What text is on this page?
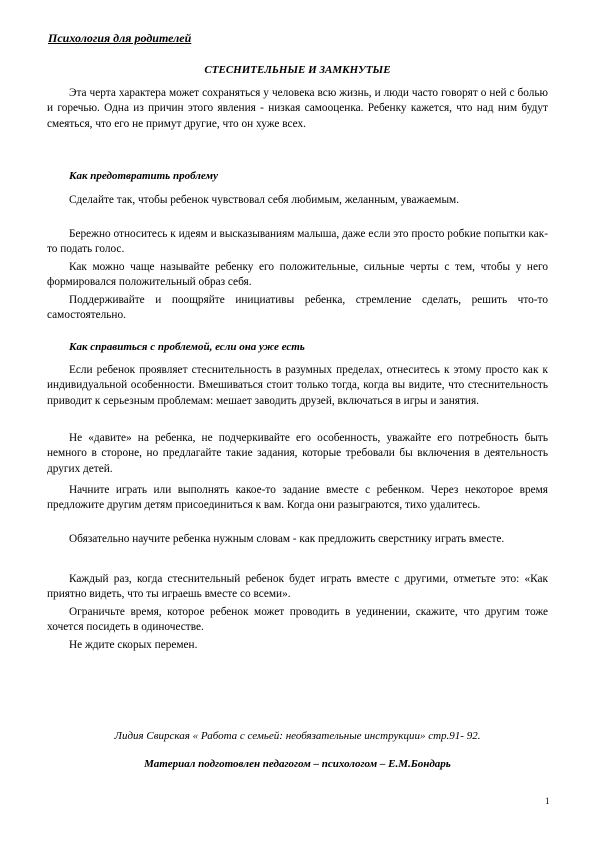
Психология для родителей
СТЕСНИТЕЛЬНЫЕ И ЗАМКНУТЫЕ
Эта черта характера может сохраняться у человека всю жизнь, и люди часто говорят о ней с болью и горечью. Одна из причин этого явления - низкая самооценка. Ребенку кажется, что над ним будут смеяться, что его не примут другие, что он хуже всех.
Как предотвратить проблему
Сделайте так, чтобы ребенок чувствовал себя любимым, желанным, уважаемым.
Бережно относитесь к идеям и высказываниям малыша, даже если это просто робкие попытки как-то подать голос.
Как можно чаще называйте ребенку его положительные, сильные черты с тем, чтобы у него формировался положительный образ себя.
Поддерживайте и поощряйте инициативы ребенка, стремление сделать, решить что-то самостоятельно.
Как справиться с проблемой, если она уже есть
Если ребенок проявляет стеснительность в разумных пределах, отнеситесь к этому просто как к индивидуальной особенности. Вмешиваться стоит только тогда, когда вы видите, что стеснительность приводит к серьезным проблемам: мешает заводить друзей, включаться в игры и занятия.
Не «давите» на ребенка, не подчеркивайте его особенность, уважайте его потребность быть немного в стороне, но предлагайте такие задания, которые требовали бы включения в деятельность других детей.
Начните играть или выполнять какое-то задание вместе с ребенком. Через некоторое время предложите другим детям присоединиться к вам. Когда они разыграются, тихо удалитесь.
Обязательно научите ребенка нужным словам - как предложить сверстнику играть вместе.
Каждый раз, когда стеснительный ребенок будет играть вместе с другими, отметьте это: «Как приятно видеть, что ты играешь вместе со всеми».
Ограничьте время, которое ребенок может проводить в уединении, скажите, что другим тоже хочется посидеть в одиночестве.
Не ждите скорых перемен.
Лидия Свирская « Работа с семьей: необязательные инструкции» стр.91- 92.
Материал подготовлен педагогом – психологом – Е.М.Бондарь
1
